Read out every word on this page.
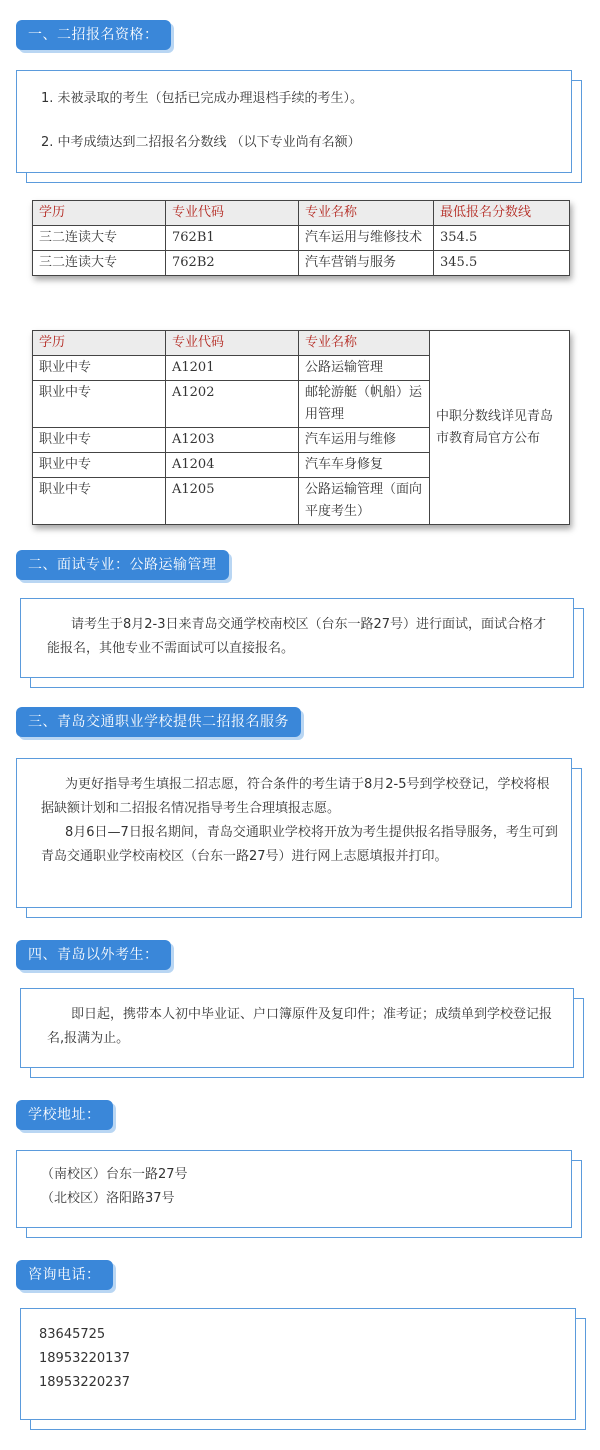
一、二招报名资格：

1. 未被录取的考生（包括已完成办理退档手续的考生）。

2. 中考成绩达到二招报名分数线 （以下专业尚有名额）

学历	专业代码	专业名称	最低报名分数线
三二连读大专	762B1	汽车运用与维修技术	354.5
三二连读大专	762B2	汽车营销与服务	345.5
学历	专业代码	专业名称	中职分数线详见青岛市教育局官方公布
职业中专	A1201	公路运输管理	
职业中专	A1202	邮轮游艇（帆船）运用管理	
职业中专	A1203	汽车运用与维修	
职业中专	A1204	汽车车身修复	
职业中专	A1205	公路运输管理（面向平度考生）	
二、面试专业：公路运输管理

请考生于8月2-3日来青岛交通学校南校区（台东一路27号）进行面试，面试合格才能报名，其他专业不需面试可以直接报名。

三、青岛交通职业学校提供二招报名服务

为更好指导考生填报二招志愿，符合条件的考生请于8月2-5号到学校登记，学校将根据缺额计划和二招报名情况指导考生合理填报志愿。

8月6日—7日报名期间，青岛交通职业学校将开放为考生提供报名指导服务，考生可到青岛交通职业学校南校区（台东一路27号）进行网上志愿填报并打印。

四、青岛以外考生：

即日起，携带本人初中毕业证、户口簿原件及复印件；准考证；成绩单到学校登记报名,报满为止。

学校地址：

（南校区）台东一路27号

（北校区）洛阳路37号

咨询电话：

83645725

18953220137

18953220237
